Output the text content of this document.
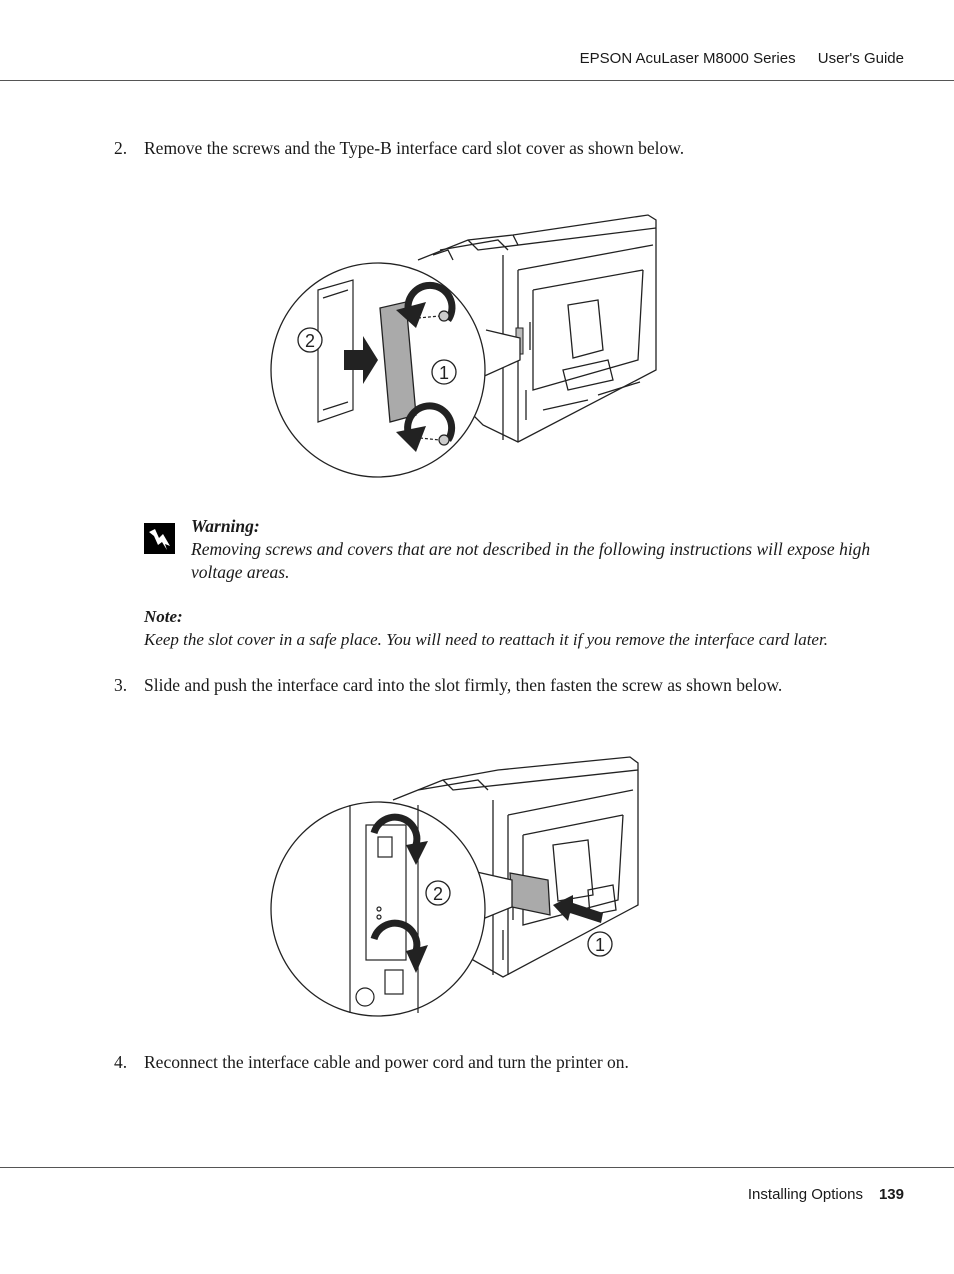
EPSON AcuLaser M8000 Series User's Guide
2. Remove the screws and the Type-B interface card slot cover as shown below.
2
1
Warning:
Removing screws and covers that are not described in the following instructions will expose high voltage areas.
Note:
Keep the slot cover in a safe place. You will need to reattach it if you remove the interface card later.
3. Slide and push the interface card into the slot firmly, then fasten the screw as shown below.
2
1
4. Reconnect the interface cable and power cord and turn the printer on.
Installing Options 139
